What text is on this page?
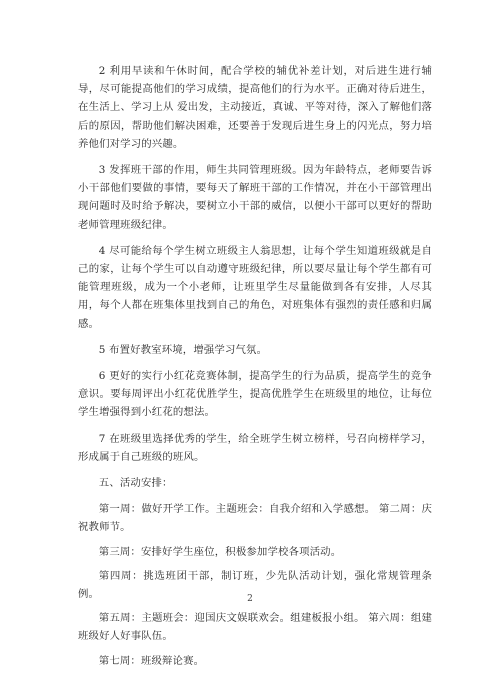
2 利用早读和午休时间，配合学校的辅优补差计划，对后进生进行辅导，尽可能提高他们的学习成绩，提高他们的行为水平。正确对待后进生，在生活上、学习上从 爱出发，主动接近，真诚、平等对待，深入了解他们落后的原因，帮助他们解决困难，还要善于发现后进生身上的闪光点，努力培养他们对学习的兴趣。

3 发挥班干部的作用，师生共同管理班级。因为年龄特点，老师要告诉小干部他们要做的事情，要每天了解班干部的工作情况，并在小干部管理出现问题时及时给予解决，要树立小干部的威信，以便小干部可以更好的帮助老师管理班级纪律。

4 尽可能给每个学生树立班级主人翁思想，让每个学生知道班级就是自己的家，让每个学生可以自动遵守班级纪律，所以要尽量让每个学生都有可能管理班级，成为一个小老师，让班里学生尽量能做到各有安排，人尽其用，每个人都在班集体里找到自己的角色，对班集体有强烈的责任感和归属感。

5 布置好教室环境，增强学习气氛。

6 更好的实行小红花竞赛体制，提高学生的行为品质，提高学生的竞争意识。要每周评出小红花优胜学生，提高优胜学生在班级里的地位，让每位学生增强得到小红花的想法。

7 在班级里选择优秀的学生，给全班学生树立榜样，号召向榜样学习，形成属于自己班级的班风。

五、活动安排：

第一周：做好开学工作。主题班会：自我介绍和入学感想。 第二周：庆祝教师节。

第三周：安排好学生座位，积极参加学校各项活动。

第四周：挑选班团干部，制订班，少先队活动计划，强化常规管理条例。

第五周：主题班会：迎国庆文娱联欢会。组建板报小组。 第六周：组建班级好人好事队伍。

第七周：班级辩论赛。

2
